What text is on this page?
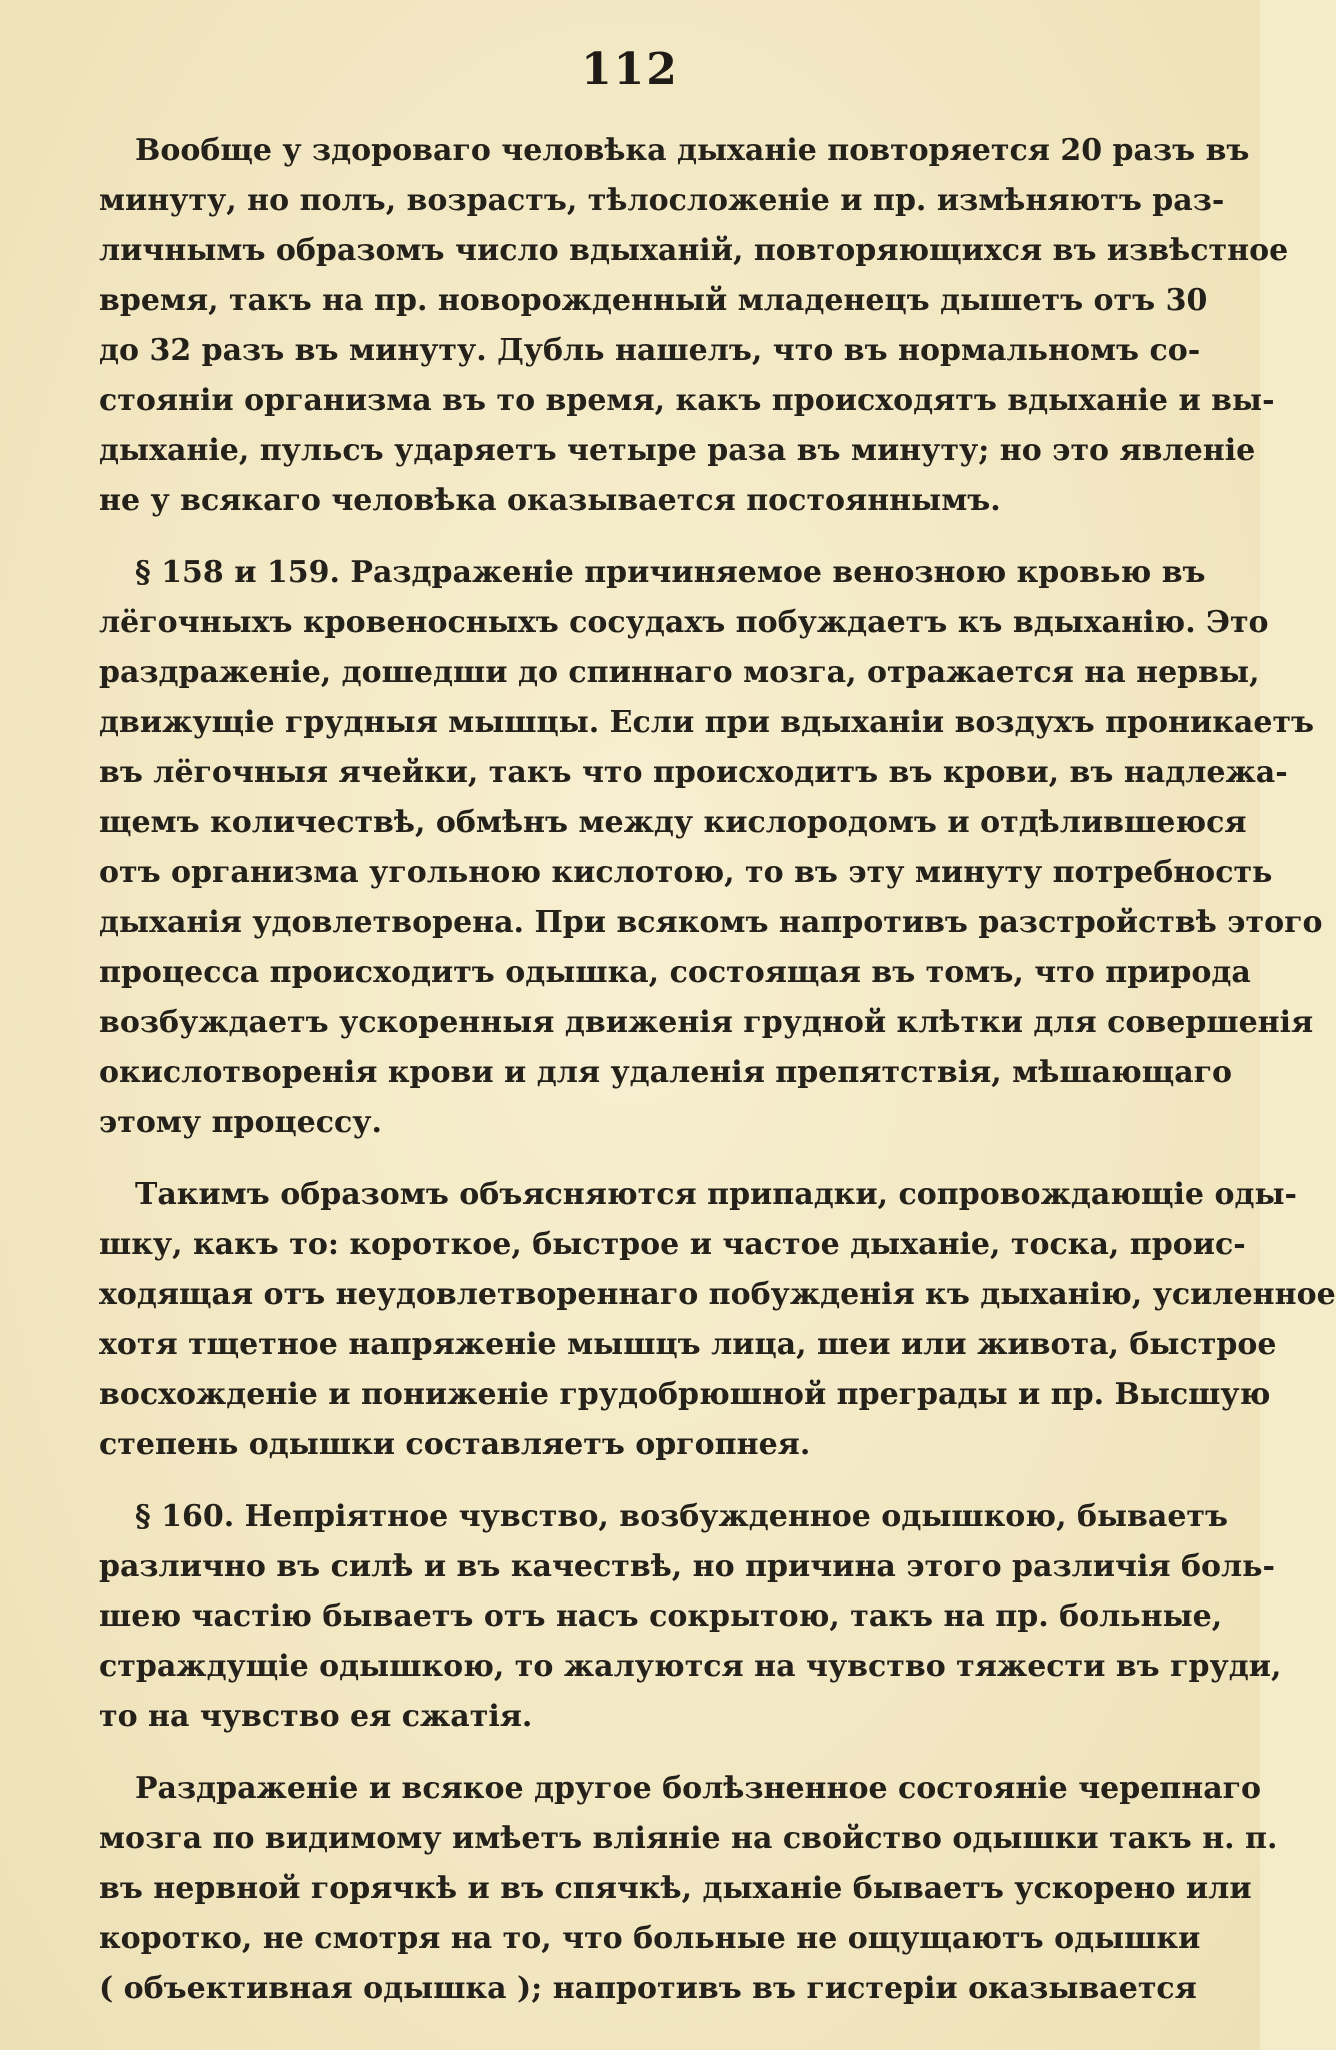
112
Вообще у здороваго человѣка дыханіе повторяется 20 разъ въ
минуту, но полъ, возрастъ, тѣлосложеніе и пр. измѣняютъ раз-
личнымъ образомъ число вдыханій, повторяющихся въ извѣстное
время, такъ на пр. новорожденный младенецъ дышетъ отъ 30
до 32 разъ въ минуту. Дубль нашелъ, что въ нормальномъ со-
стояніи организма въ то время, какъ происходятъ вдыханіе и вы-
дыханіе, пульсъ ударяетъ четыре раза въ минуту; но это явленіе
не у всякаго человѣка оказывается постояннымъ.
§ 158 и 159. Раздраженіе причиняемое венозною кровью въ
лёгочныхъ кровеносныхъ сосудахъ побуждаетъ къ вдыханію. Это
раздраженіе, дошедши до спиннаго мозга, отражается на нервы,
движущіе грудныя мышцы. Если при вдыханіи воздухъ проникаетъ
въ лёгочныя ячейки, такъ что происходитъ въ крови, въ надлежа-
щемъ количествѣ, обмѣнъ между кислородомъ и отдѣлившеюся
отъ организма угольною кислотою, то въ эту минуту потребность
дыханія удовлетворена. При всякомъ напротивъ разстройствѣ этого
процесса происходитъ одышка, состоящая въ томъ, что природа
возбуждаетъ ускоренныя движенія грудной клѣтки для совершенія
окислотворенія крови и для удаленія препятствія, мѣшающаго
этому процессу.
Такимъ образомъ объясняются припадки, сопровождающіе оды-
шку, какъ то: короткое, быстрое и частое дыханіе, тоска, проис-
ходящая отъ неудовлетвореннаго побужденія къ дыханію, усиленное
хотя тщетное напряженіе мышцъ лица, шеи или живота, быстрое
восхожденіе и пониженіе грудобрюшной преграды и пр. Высшую
степень одышки составляетъ оргопнея.
§ 160. Непріятное чувство, возбужденное одышкою, бываетъ
различно въ силѣ и въ качествѣ, но причина этого различія боль-
шею частію бываетъ отъ насъ сокрытою, такъ на пр. больные,
страждущіе одышкою, то жалуются на чувство тяжести въ груди,
то на чувство ея сжатія.
Раздраженіе и всякое другое болѣзненное состояніе черепнаго
мозга по видимому имѣетъ вліяніе на свойство одышки такъ н. п.
въ нервной горячкѣ и въ спячкѣ, дыханіе бываетъ ускорено или
коротко, не смотря на то, что больные не ощущаютъ одышки
( объективная одышка ); напротивъ въ гистеріи оказывается
